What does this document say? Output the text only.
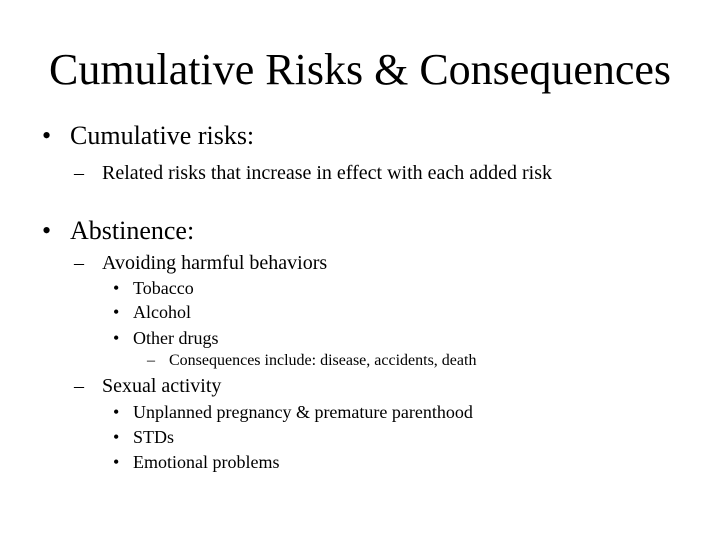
Cumulative Risks & Consequences
• Cumulative risks:
– Related risks that increase in effect with each added risk
• Abstinence:
– Avoiding harmful behaviors
• Tobacco
• Alcohol
• Other drugs
– Consequences include: disease, accidents, death
– Sexual activity
• Unplanned pregnancy & premature parenthood
• STDs
• Emotional problems
